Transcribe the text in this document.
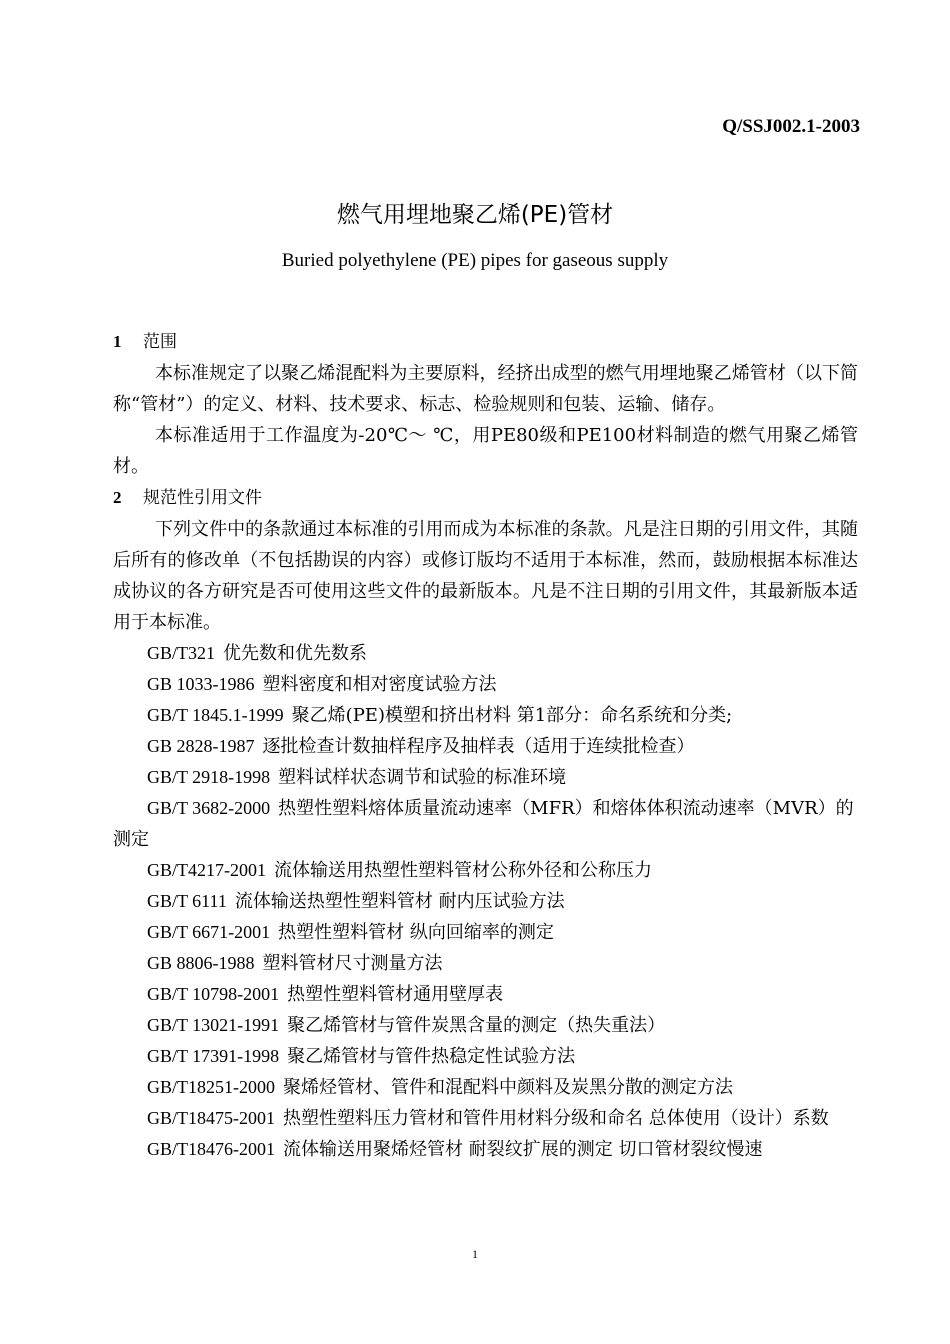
Q/SSJ002.1-2003
燃气用埋地聚乙烯(PE)管材
Buried polyethylene (PE) pipes for gaseous supply

1 范围

本标准规定了以聚乙烯混配料为主要原料，经挤出成型的燃气用埋地聚乙烯管材（以下简称“管材”）的定义、材料、技术要求、标志、检验规则和包装、运输、储存。

本标准适用于工作温度为-20℃～ ℃，用PE80级和PE100材料制造的燃气用聚乙烯管材。

2 规范性引用文件

下列文件中的条款通过本标准的引用而成为本标准的条款。凡是注日期的引用文件，其随后所有的修改单（不包括勘误的内容）或修订版均不适用于本标准，然而，鼓励根据本标准达成协议的各方研究是否可使用这些文件的最新版本。凡是不注日期的引用文件，其最新版本适用于本标准。

GB/T321 优先数和优先数系

GB 1033-1986 塑料密度和相对密度试验方法

GB/T 1845.1-1999 聚乙烯(PE)模塑和挤出材料 第1部分：命名系统和分类;

GB 2828-1987 逐批检查计数抽样程序及抽样表（适用于连续批检查）

GB/T 2918-1998 塑料试样状态调节和试验的标准环境

GB/T 3682-2000 热塑性塑料熔体质量流动速率（MFR）和熔体体积流动速率（MVR）的测定

GB/T4217-2001 流体输送用热塑性塑料管材公称外径和公称压力

GB/T 6111 流体输送热塑性塑料管材 耐内压试验方法

GB/T 6671-2001 热塑性塑料管材 纵向回缩率的测定

GB 8806-1988 塑料管材尺寸测量方法

GB/T 10798-2001 热塑性塑料管材通用壁厚表

GB/T 13021-1991 聚乙烯管材与管件炭黑含量的测定（热失重法）

GB/T 17391-1998 聚乙烯管材与管件热稳定性试验方法

GB/T18251-2000 聚烯烃管材、管件和混配料中颜料及炭黑分散的测定方法

GB/T18475-2001 热塑性塑料压力管材和管件用材料分级和命名 总体使用（设计）系数

GB/T18476-2001 流体输送用聚烯烃管材 耐裂纹扩展的测定 切口管材裂纹慢速

1
